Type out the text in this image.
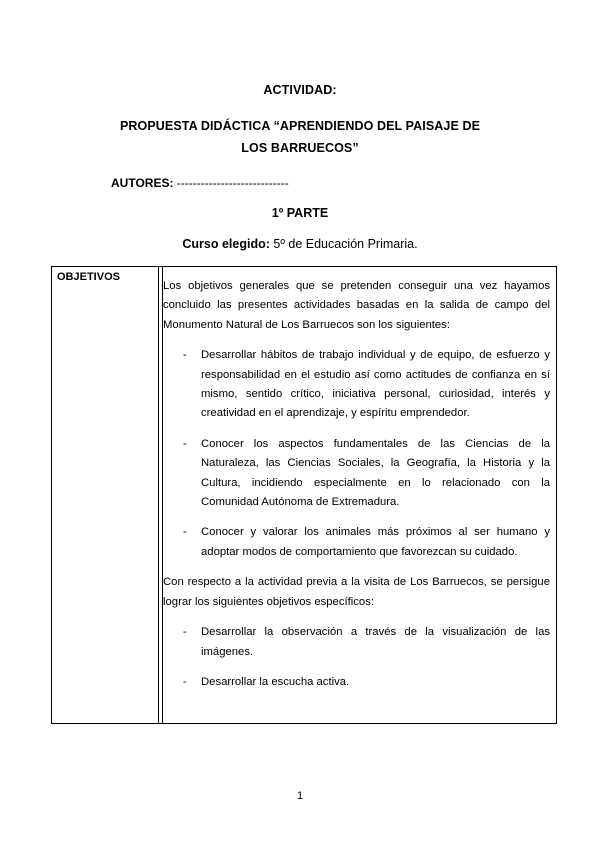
ACTIVIDAD:
PROPUESTA DIDÁCTICA “APRENDIENDO DEL PAISAJE DE
LOS BARRUECOS”
AUTORES: ----------------------------
1º PARTE
Curso elegido: 5º de Educación Primaria.
OBJETIVOS

Los objetivos generales que se pretenden conseguir una vez hayamos concluido las presentes actividades basadas en la salida de campo del Monumento Natural de Los Barruecos son los siguientes:

- Desarrollar hábitos de trabajo individual y de equipo, de esfuerzo y responsabilidad en el estudio así como actitudes de confianza en sí mismo, sentido crítico, iniciativa personal, curiosidad, interés y creatividad en el aprendizaje, y espíritu emprendedor.
- Conocer los aspectos fundamentales de las Ciencias de la Naturaleza, las Ciencias Sociales, la Geografía, la Historia y la Cultura, incidiendo especialmente en lo relacionado con la Comunidad Autónoma de Extremadura.
- Conocer y valorar los animales más próximos al ser humano y adoptar modos de comportamiento que favorezcan su cuidado.

Con respecto a la actividad previa a la visita de Los Barruecos, se persigue lograr los siguientes objetivos específicos:

- Desarrollar la observación a través de la visualización de las imágenes.
- Desarrollar la escucha activa.
1
